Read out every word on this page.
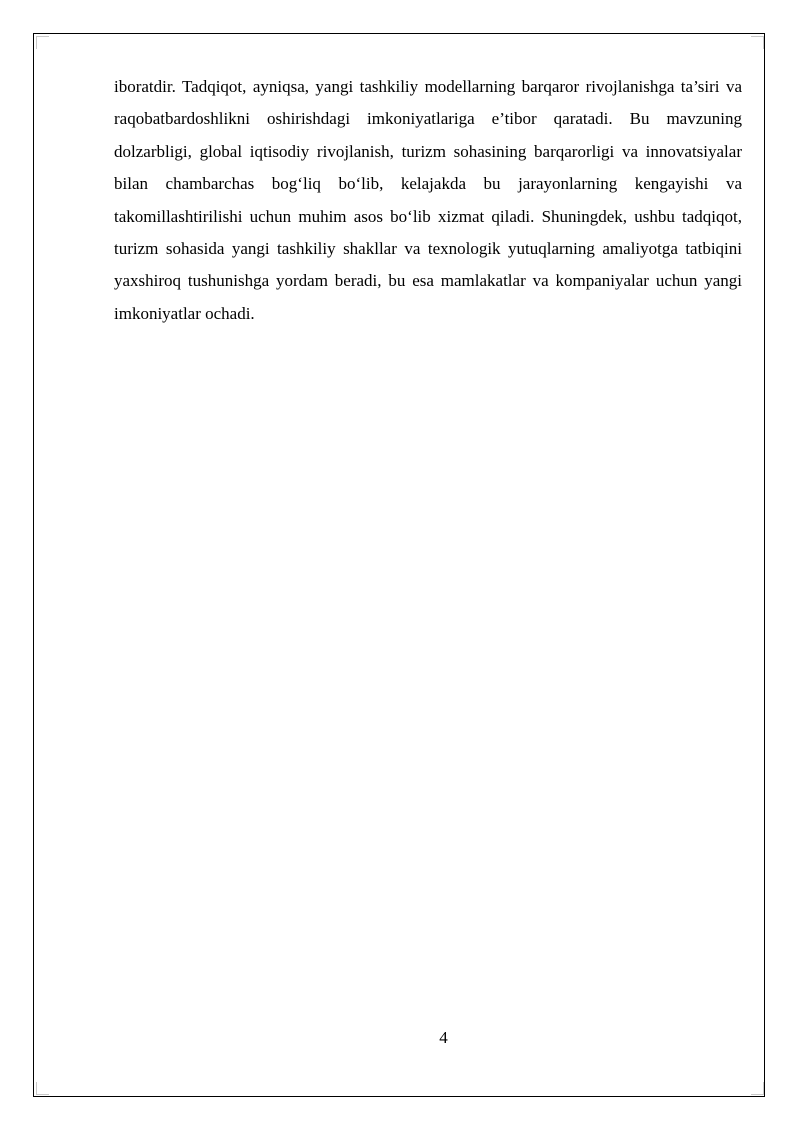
iboratdir. Tadqiqot, ayniqsa, yangi tashkiliy modellarning barqaror rivojlanishga ta’siri va raqobatbardoshlikni oshirishdagi imkoniyatlariga e’tibor qaratadi. Bu mavzuning dolzarbligi, global iqtisodiy rivojlanish, turizm sohasining barqarorligi va innovatsiyalar bilan chambarchas bog‘liq bo‘lib, kelajakda bu jarayonlarning kengayishi va takomillashtirilishi uchun muhim asos bo‘lib xizmat qiladi. Shuningdek, ushbu tadqiqot, turizm sohasida yangi tashkiliy shakllar va texnologik yutuqlarning amaliyotga tatbiqini yaxshiroq tushunishga yordam beradi, bu esa mamlakatlar va kompaniyalar uchun yangi imkoniyatlar ochadi.

4
